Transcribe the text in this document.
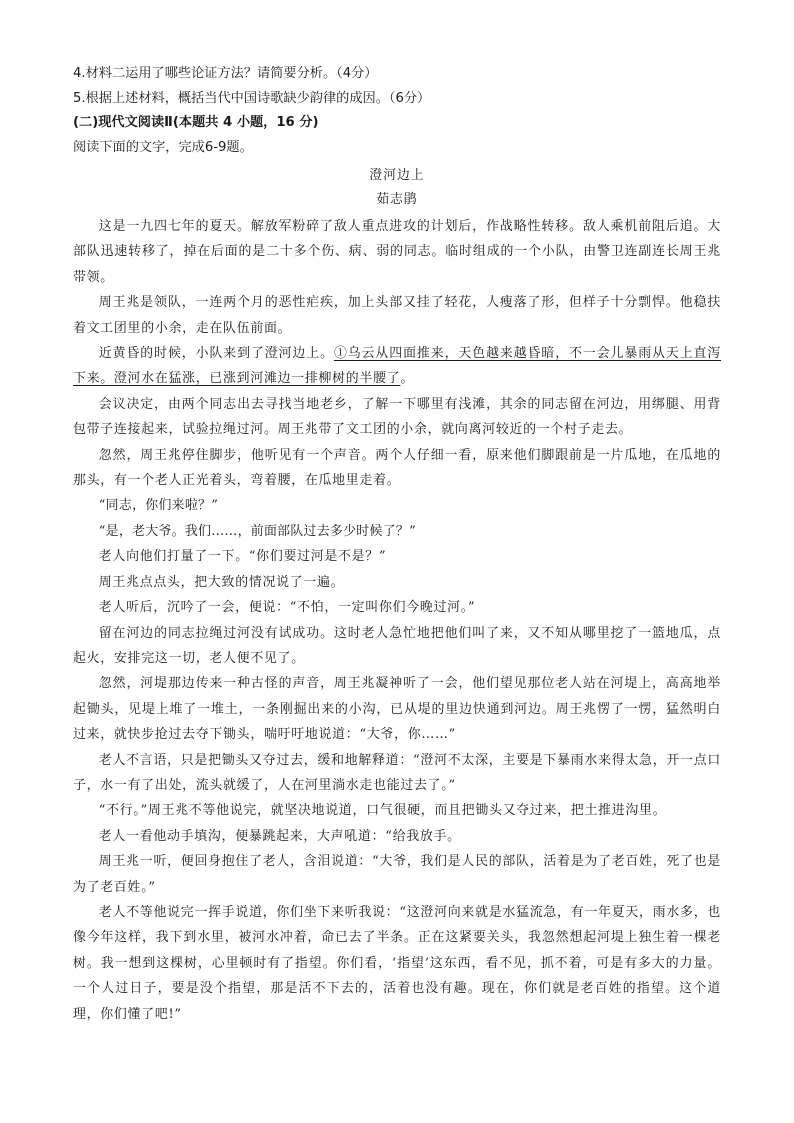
4.材料二运用了哪些论证方法？请简要分析。（4分）

5.根据上述材料，概括当代中国诗歌缺少韵律的成因。（6分）

(二)现代文阅读Ⅱ(本题共 4 小题，16 分)

阅读下面的文字，完成6-9题。

澄河边上

茹志鹃

这是一九四七年的夏天。解放军粉碎了敌人重点进攻的计划后，作战略性转移。敌人乘机前阻后追。大部队迅速转移了，掉在后面的是二十多个伤、病、弱的同志。临时组成的一个小队，由警卫连副连长周王兆带领。

周王兆是领队，一连两个月的恶性疟疾，加上头部又挂了轻花，人瘦落了形，但样子十分剽悍。他稳扶着文工团里的小余，走在队伍前面。

近黄昏的时候，小队来到了澄河边上。①乌云从四面推来，天色越来越昏暗，不一会儿暴雨从天上直泻下来。澄河水在猛涨，已涨到河滩边一排柳树的半腰了。

会议决定，由两个同志出去寻找当地老乡，了解一下哪里有浅滩，其余的同志留在河边，用绑腿、用背包带子连接起来，试验拉绳过河。周王兆带了文工团的小余，就向离河较近的一个村子走去。

忽然，周王兆停住脚步，他听见有一个声音。两个人仔细一看，原来他们脚跟前是一片瓜地，在瓜地的那头，有一个老人正光着头，弯着腰，在瓜地里走着。

“同志，你们来啦？”

“是，老大爷。我们……，前面部队过去多少时候了？”

老人向他们打量了一下。“你们要过河是不是？”

周王兆点点头，把大致的情况说了一遍。

老人听后，沉吟了一会，便说：“不怕，一定叫你们今晚过河。”

留在河边的同志拉绳过河没有试成功。这时老人急忙地把他们叫了来，又不知从哪里挖了一篮地瓜，点起火，安排完这一切，老人便不见了。

忽然，河堤那边传来一种古怪的声音，周王兆凝神听了一会，他们望见那位老人站在河堤上，高高地举起锄头，见堤上堆了一堆土，一条刚掘出来的小沟，已从堤的里边快通到河边。周王兆愣了一愣，猛然明白过来，就快步抢过去夺下锄头，喘吁吁地说道：“大爷，你……”

老人不言语，只是把锄头又夺过去，缓和地解释道：“澄河不太深，主要是下暴雨水来得太急，开一点口子，水一有了出处，流头就缓了，人在河里淌水走也能过去了。”

“不行。”周王兆不等他说完，就坚决地说道，口气很硬，而且把锄头又夺过来，把土推进沟里。

老人一看他动手填沟，便暴跳起来，大声吼道：“给我放手。

周王兆一听，便回身抱住了老人，含泪说道：“大爷，我们是人民的部队，活着是为了老百姓，死了也是为了老百姓。”

老人不等他说完一挥手说道，你们坐下来听我说：“这澄河向来就是水猛流急，有一年夏天，雨水多，也像今年这样，我下到水里，被河水冲着，命已去了半条。正在这紧要关头，我忽然想起河堤上独生着一棵老树。我一想到这棵树，心里顿时有了指望。你们看，‘指望’这东西，看不见，抓不着，可是有多大的力量。一个人过日子，要是没个指望，那是活不下去的，活着也没有趣。现在，你们就是老百姓的指望。这个道理，你们懂了吧!”
